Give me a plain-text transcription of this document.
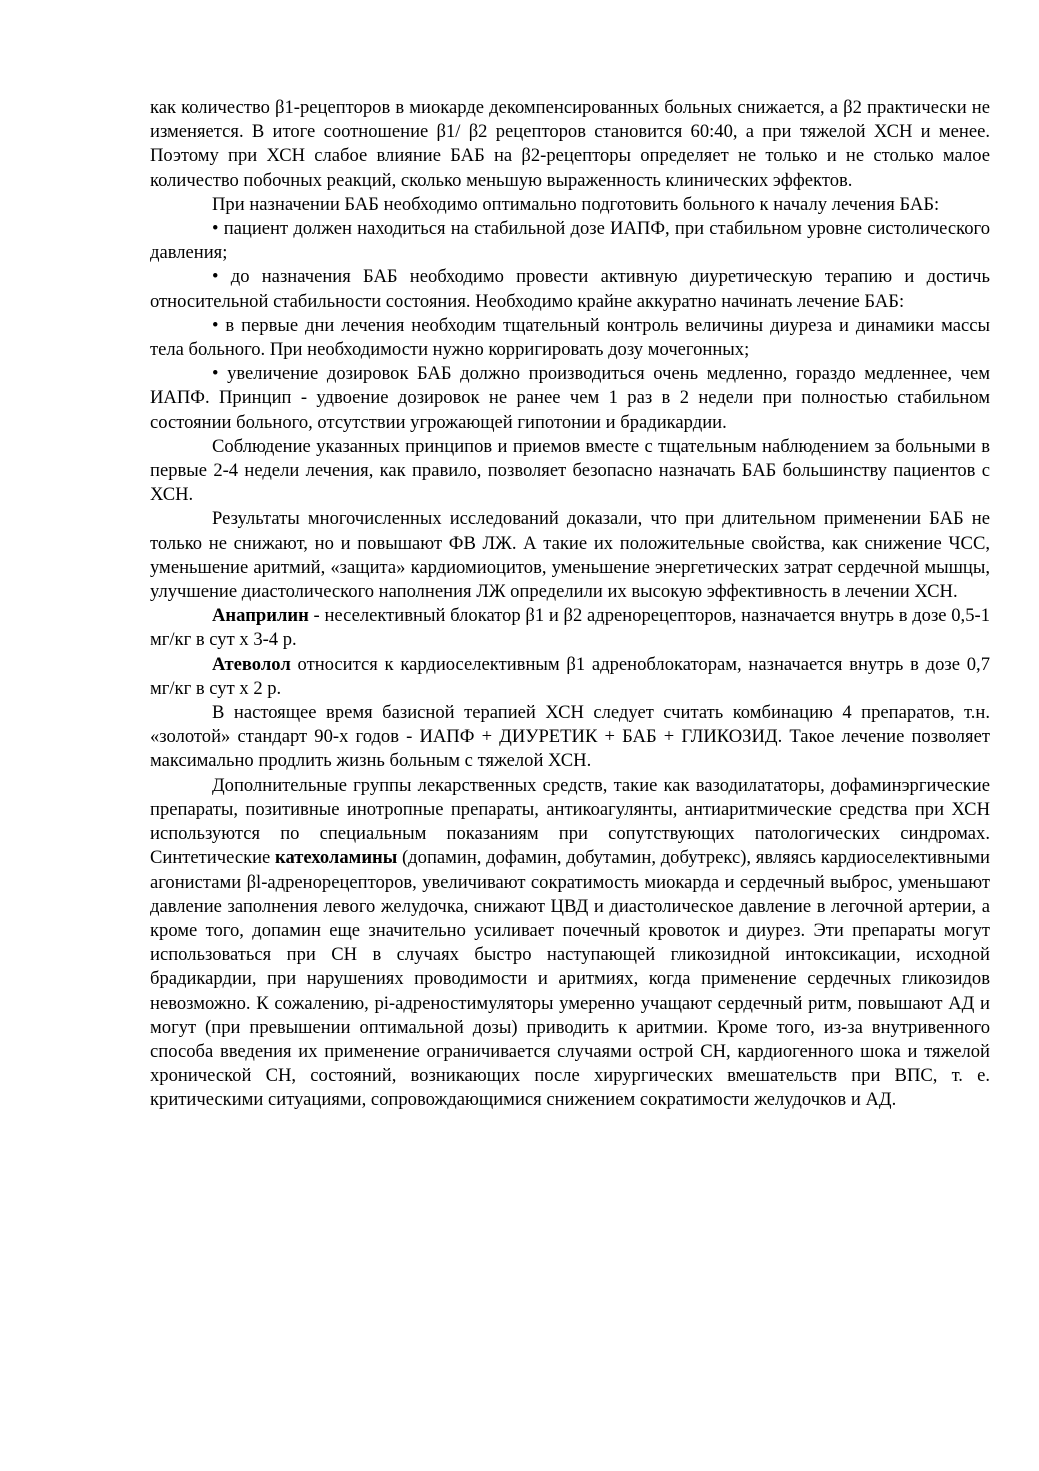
как количество β1-рецепторов в миокарде декомпенсированных больных снижается, а β2 практически не изменяется. В итоге соотношение β1/ β2 рецепторов становится 60:40, а при тяжелой ХСН и менее. Поэтому при ХСН слабое влияние БАБ на β2-рецепторы определяет не только и не столько малое количество побочных реакций, сколько меньшую выраженность клинических эффектов.

При назначении БАБ необходимо оптимально подготовить больного к началу лечения БАБ:

• пациент должен находиться на стабильной дозе ИАПФ, при стабильном уровне систолического давления;

• до назначения БАБ необходимо провести активную диуретическую терапию и достичь относительной стабильности состояния. Необходимо крайне аккуратно начинать лечение БАБ:

• в первые дни лечения необходим тщательный контроль величины диуреза и динамики массы тела больного. При необходимости нужно корригировать дозу мочегонных;

• увеличение дозировок БАБ должно производиться очень медленно, гораздо медленнее, чем ИАПФ. Принцип - удвоение дозировок не ранее чем 1 раз в 2 недели при полностью стабильном состоянии больного, отсутствии угрожающей гипотонии и брадикардии.

Соблюдение указанных принципов и приемов вместе с тщательным наблюдением за больными в первые 2-4 недели лечения, как правило, позволяет безопасно назначать БАБ большинству пациентов с ХСН.

Результаты многочисленных исследований доказали, что при длительном применении БАБ не только не снижают, но и повышают ФВ ЛЖ. А такие их положительные свойства, как снижение ЧСС, уменьшение аритмий, «защита» кардиомиоцитов, уменьшение энергетических затрат сердечной мышцы, улучшение диастолического наполнения ЛЖ определили их высокую эффективность в лечении ХСН.

Анаприлин - неселективный блокатор β1 и β2 адренорецепторов, назначается внутрь в дозе 0,5-1 мг/кг в сут х 3-4 р.

Атеволол относится к кардиоселективным β1 адреноблокаторам, назначается внутрь в дозе 0,7 мг/кг в сут х 2 р.

В настоящее время базисной терапией ХСН следует считать комбинацию 4 препаратов, т.н. «золотой» стандарт 90-х годов - ИАПФ + ДИУРЕТИК + БАБ + ГЛИКОЗИД. Такое лечение позволяет максимально продлить жизнь больным с тяжелой ХСН.

Дополнительные группы лекарственных средств, такие как вазодилататоры, дофаминэргические препараты, позитивные инотропные препараты, антикоагулянты, антиаритмические средства при ХСН используются по специальным показаниям при сопутствующих патологических синдромах. Синтетические катехоламины (допамин, дофамин, добутамин, добутрекс), являясь кардиоселективными агонистами βl-адренорецепторов, увеличивают сократимость миокарда и сердечный выброс, уменьшают давление заполнения левого желудочка, снижают ЦВД и диастолическое давление в легочной артерии, а кроме того, допамин еще значительно усиливает почечный кровоток и диурез. Эти препараты могут использоваться при СН в случаях быстро наступающей гликозидной интоксикации, исходной брадикардии, при нарушениях проводимости и аритмиях, когда применение сердечных гликозидов невозможно. К сожалению, рі-адреностимуляторы умеренно учащают сердечный ритм, повышают АД и могут (при превышении оптимальной дозы) приводить к аритмии. Кроме того, из-за внутривенного способа введения их применение ограничивается случаями острой СН, кардиогенного шока и тяжелой хронической СН, состояний, возникающих после хирургических вмешательств при ВПС, т. е. критическими ситуациями, сопровождающимися снижением сократимости желудочков и АД.
